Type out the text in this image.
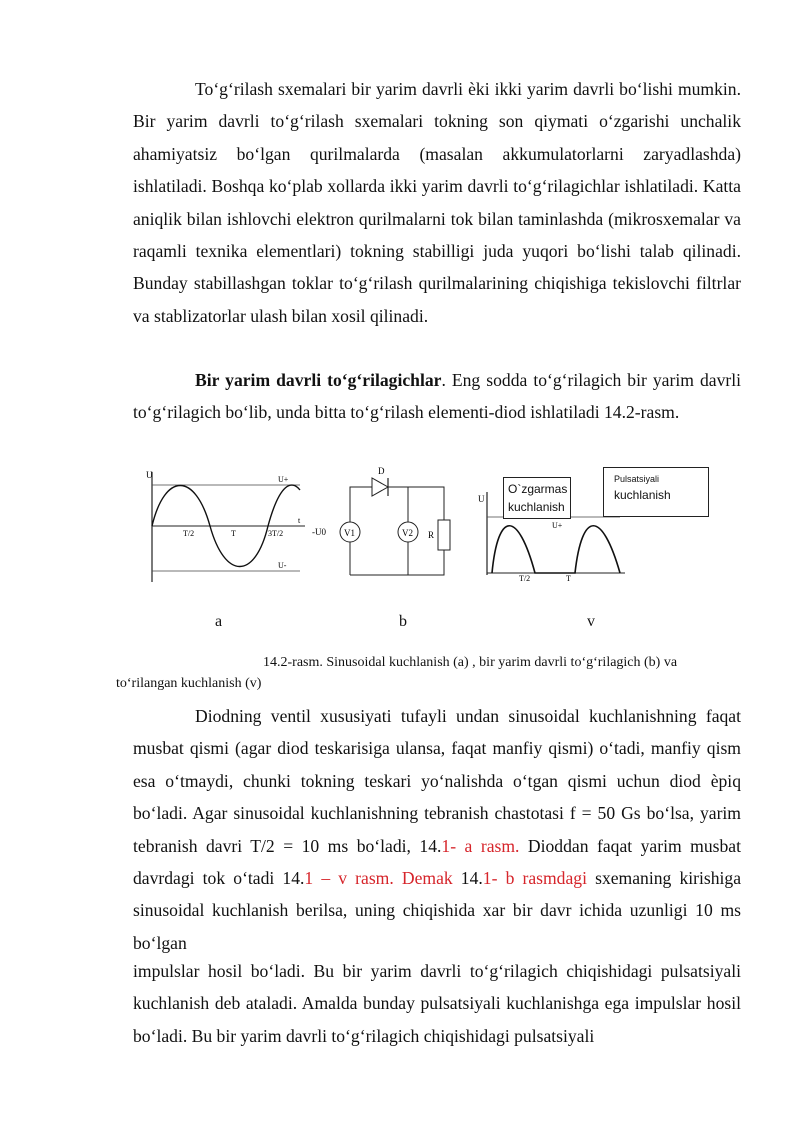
To‘g‘rilash sxemalari bir yarim davrli èki ikki yarim davrli bo‘lishi mumkin. Bir yarim davrli to‘g‘rilash sxemalari tokning son qiymati o‘zgarishi unchalik ahamiyatsiz bo‘lgan qurilmalarda (masalan akkumulatorlarni zaryadlashda) ishlatiladi. Boshqa ko‘plab xollarda ikki yarim davrli to‘g‘rilagichlar ishlatiladi. Katta aniqlik bilan ishlovchi elektron qurilmalarni tok bilan taminlashda (mikrosxemalar va raqamli texnika elementlari) tokning stabilligi juda yuqori bo‘lishi talab qilinadi. Bunday stabillashgan toklar to‘g‘rilash qurilmalarining chiqishiga tekislovchi filtrlar va stablizatorlar ulash bilan xosil qilinadi.

Bir yarim davrli to‘g‘rilagichlar. Eng sodda to‘g‘rilagich bir yarim davrli to‘g‘rilagich bo‘lib, unda bitta to‘g‘rilash elementi-diod ishlatiladi 14.2-rasm.

U	U+
U-
t
T/2	T	3T/2
D
-U0 V1	V2 R
U
U+
T/2	T
O`zgarmas
kuchlanish
Pulsatsiyali
kuchlanish
a	b	v
14.2-rasm. Sinusoidal kuchlanish (a) , bir yarim davrli to‘g‘rilagich (b) va
to‘rilangan kuchlanish (v)

Diodning ventil xususiyati tufayli undan sinusoidal kuchlanishning faqat musbat qismi (agar diod teskarisiga ulansa, faqat manfiy qismi) o‘tadi, manfiy qism esa o‘tmaydi, chunki tokning teskari yo‘nalishda o‘tgan qismi uchun diod èpiq bo‘ladi. Agar sinusoidal kuchlanishning tebranish chastotasi f = 50 Gs bo‘lsa, yarim tebranish davri T/2 = 10 ms bo‘ladi, 14.1- a rasm. Dioddan faqat yarim musbat davrdagi tok o‘tadi 14.1 – v rasm. Demak 14.1- b rasmdagi sxemaning kirishiga sinusoidal kuchlanish berilsa, uning chiqishida xar bir davr ichida uzunligi 10 ms bo‘lgan

impulslar hosil bo‘ladi. Bu bir yarim davrli to‘g‘rilagich chiqishidagi pulsatsiyali kuchlanish deb ataladi. Amalda bunday pulsatsiyali kuchlanishga ega impulslar hosil bo‘ladi. Bu bir yarim davrli to‘g‘rilagich chiqishidagi pulsatsiyali
